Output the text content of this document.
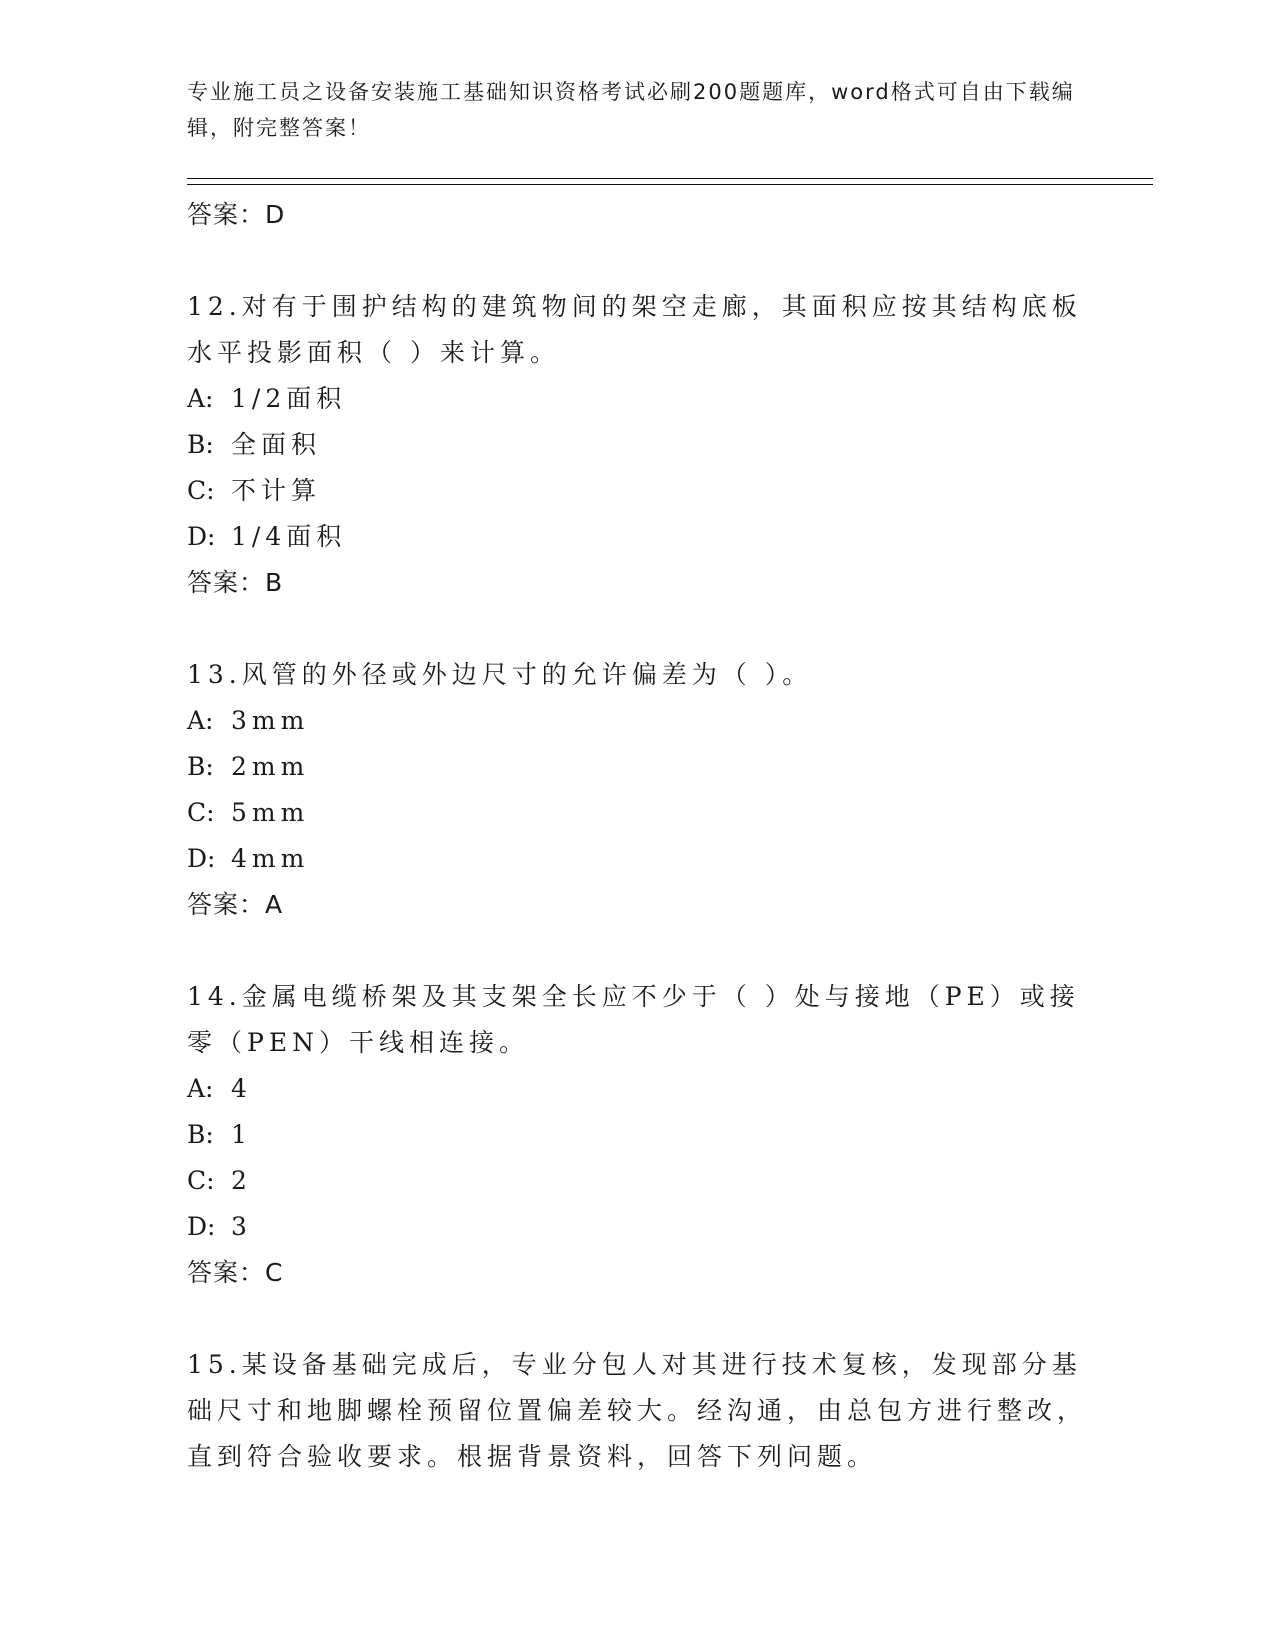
专业施工员之设备安装施工基础知识资格考试必刷200题题库，word格式可自由下载编辑，附完整答案！
答案：D
12.对有于围护结构的建筑物间的架空走廊，其面积应按其结构底板水平投影面积（ ）来计算。
A: 1/2面积
B: 全面积
C: 不计算
D: 1/4面积
答案：B
13.风管的外径或外边尺寸的允许偏差为（ ）。
A: 3mm
B: 2mm
C: 5mm
D: 4mm
答案：A
14.金属电缆桥架及其支架全长应不少于（ ）处与接地（PE）或接零（PEN）干线相连接。
A: 4
B: 1
C: 2
D: 3
答案：C
15.某设备基础完成后，专业分包人对其进行技术复核，发现部分基础尺寸和地脚螺栓预留位置偏差较大。经沟通，由总包方进行整改，直到符合验收要求。根据背景资料，回答下列问题。
